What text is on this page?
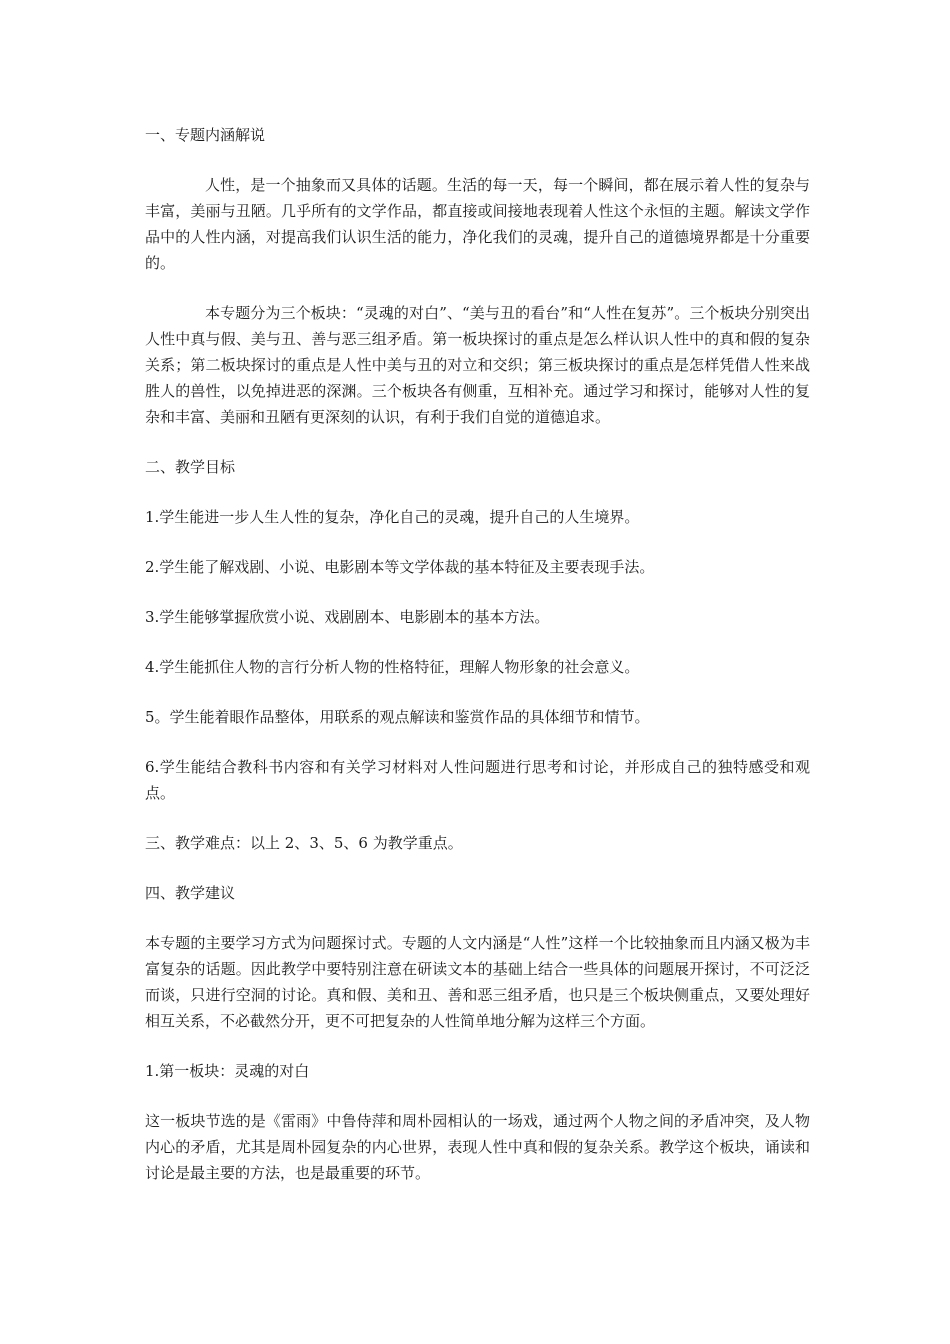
一、专题内涵解说

人性，是一个抽象而又具体的话题。生活的每一天，每一个瞬间，都在展示着人性的复杂与丰富，美丽与丑陋。几乎所有的文学作品，都直接或间接地表现着人性这个永恒的主题。解读文学作品中的人性内涵，对提高我们认识生活的能力，净化我们的灵魂，提升自己的道德境界都是十分重要的。

本专题分为三个板块：“灵魂的对白”、“美与丑的看台”和“人性在复苏”。三个板块分别突出人性中真与假、美与丑、善与恶三组矛盾。第一板块探讨的重点是怎么样认识人性中的真和假的复杂关系；第二板块探讨的重点是人性中美与丑的对立和交织；第三板块探讨的重点是怎样凭借人性来战胜人的兽性，以免掉进恶的深渊。三个板块各有侧重，互相补充。通过学习和探讨，能够对人性的复杂和丰富、美丽和丑陋有更深刻的认识，有利于我们自觉的道德追求。

二、教学目标

1.学生能进一步人生人性的复杂，净化自己的灵魂，提升自己的人生境界。

2.学生能了解戏剧、小说、电影剧本等文学体裁的基本特征及主要表现手法。

3.学生能够掌握欣赏小说、戏剧剧本、电影剧本的基本方法。

4.学生能抓住人物的言行分析人物的性格特征，理解人物形象的社会意义。

5。学生能着眼作品整体，用联系的观点解读和鉴赏作品的具体细节和情节。

6.学生能结合教科书内容和有关学习材料对人性问题进行思考和讨论，并形成自己的独特感受和观点。

三、教学难点：以上 2、3、5、6 为教学重点。

四、教学建议

本专题的主要学习方式为问题探讨式。专题的人文内涵是“人性”这样一个比较抽象而且内涵又极为丰富复杂的话题。因此教学中要特别注意在研读文本的基础上结合一些具体的问题展开探讨，不可泛泛而谈，只进行空洞的讨论。真和假、美和丑、善和恶三组矛盾，也只是三个板块侧重点，又要处理好相互关系，不必截然分开，更不可把复杂的人性简单地分解为这样三个方面。

1.第一板块：灵魂的对白

这一板块节选的是《雷雨》中鲁侍萍和周朴园相认的一场戏，通过两个人物之间的矛盾冲突，及人物内心的矛盾，尤其是周朴园复杂的内心世界，表现人性中真和假的复杂关系。教学这个板块，诵读和讨论是最主要的方法，也是最重要的环节。
